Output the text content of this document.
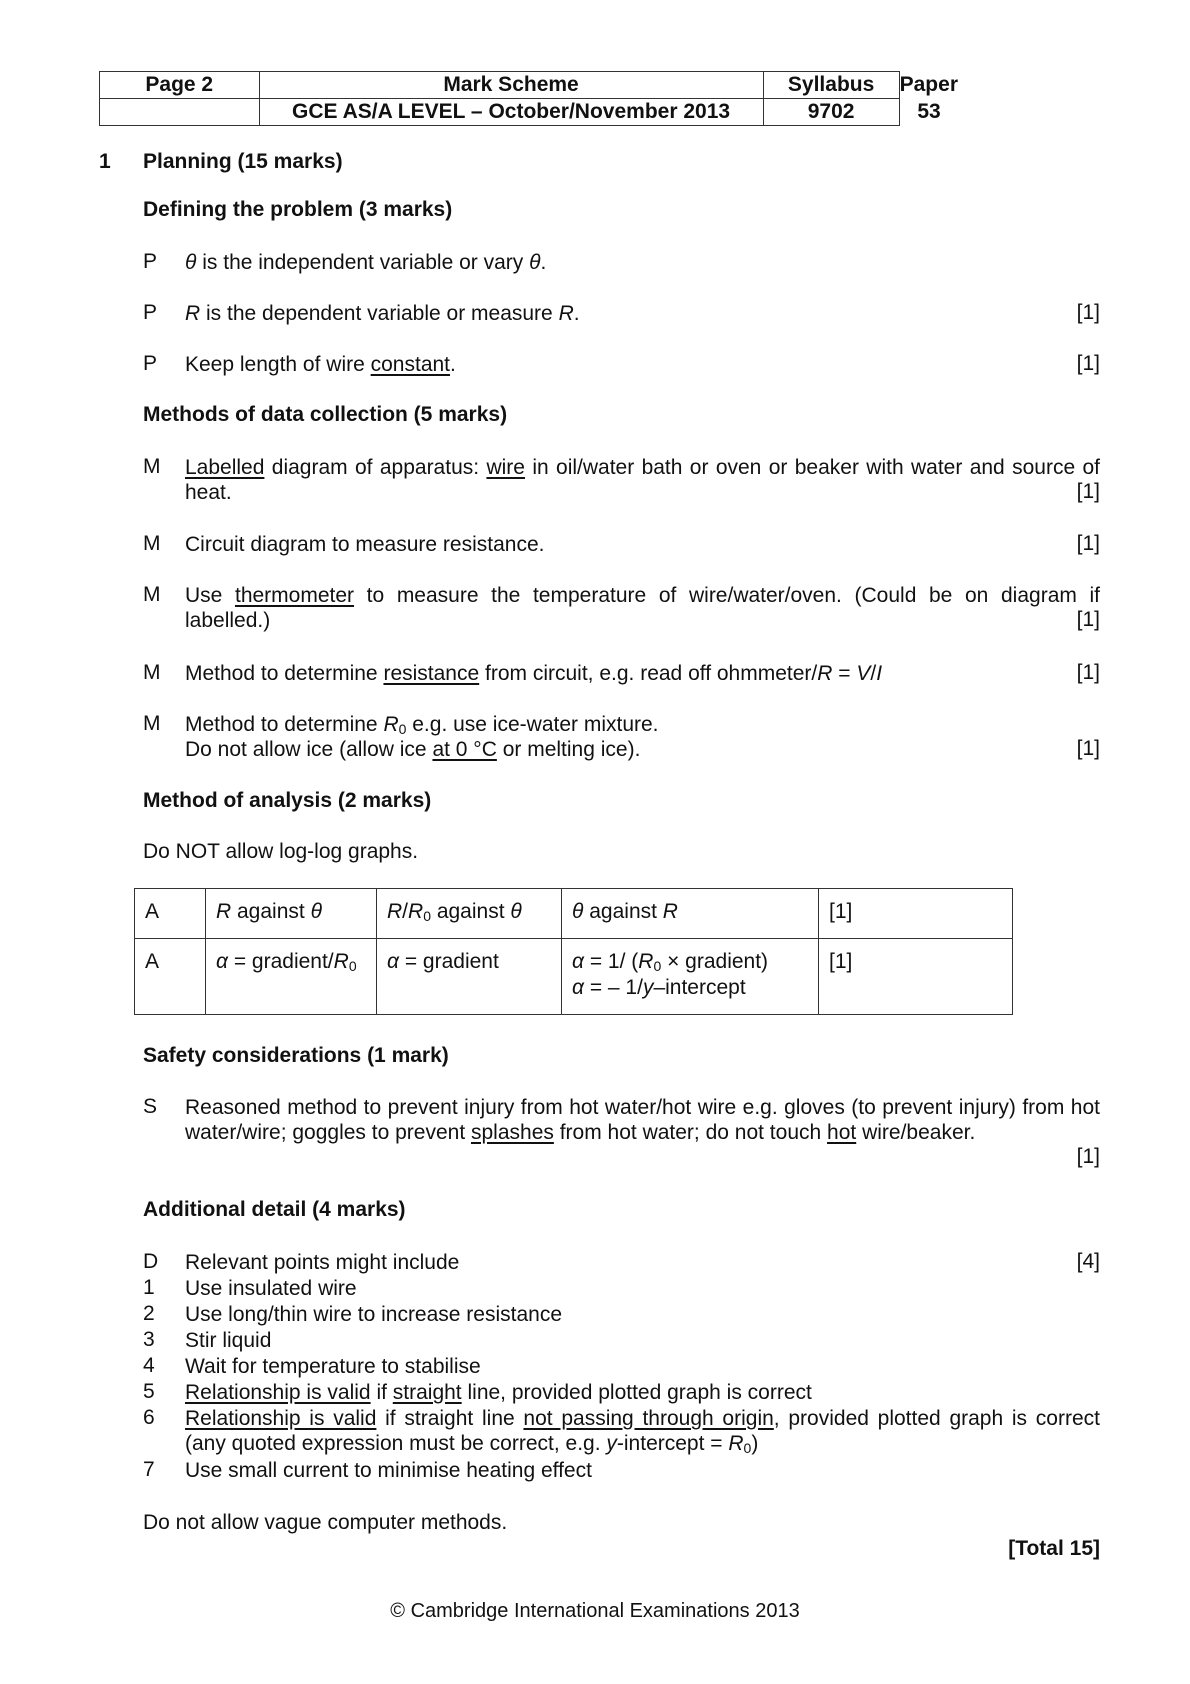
Page 2	Mark Scheme	Syllabus	Paper
	GCE AS/A LEVEL – October/November 2013	9702	53
1 Planning (15 marks)
Defining the problem (3 marks)
P θ is the independent variable or vary θ.
P R is the dependent variable or measure R.	[1]
P Keep length of wire constant.	[1]
Methods of data collection (5 marks)
M Labelled diagram of apparatus: wire in oil/water bath or oven or beaker with water and source of heat.	[1]
M Circuit diagram to measure resistance.	[1]
M Use thermometer to measure the temperature of wire/water/oven. (Could be on diagram if labelled.)	[1]
M Method to determine resistance from circuit, e.g. read off ohmmeter/R = V/I	[1]
M Method to determine $R_0$ e.g. use ice-water mixture.
Do not allow ice (allow ice at 0 °C or melting ice).	[1]
Method of analysis (2 marks)
Do NOT allow log-log graphs.
A	R against θ	$R/R_0$ against θ	θ against R	[1]
A	α = gradient/$R_0$	α = gradient	α = 1/ ($R_0$ × gradient)
α = – 1/y–intercept	[1]
Safety considerations (1 mark)
S Reasoned method to prevent injury from hot water/hot wire e.g. gloves (to prevent injury) from hot water/wire; goggles to prevent splashes from hot water; do not touch hot wire/beaker.
[1]
Additional detail (4 marks)
D Relevant points might include	[4]
1 Use insulated wire
2 Use long/thin wire to increase resistance
3 Stir liquid
4 Wait for temperature to stabilise
5 Relationship is valid if straight line, provided plotted graph is correct
6 Relationship is valid if straight line not passing through origin, provided plotted graph is correct (any quoted expression must be correct, e.g. y-intercept = $R_0$)
7 Use small current to minimise heating effect
Do not allow vague computer methods.
[Total 15]
© Cambridge International Examinations 2013
